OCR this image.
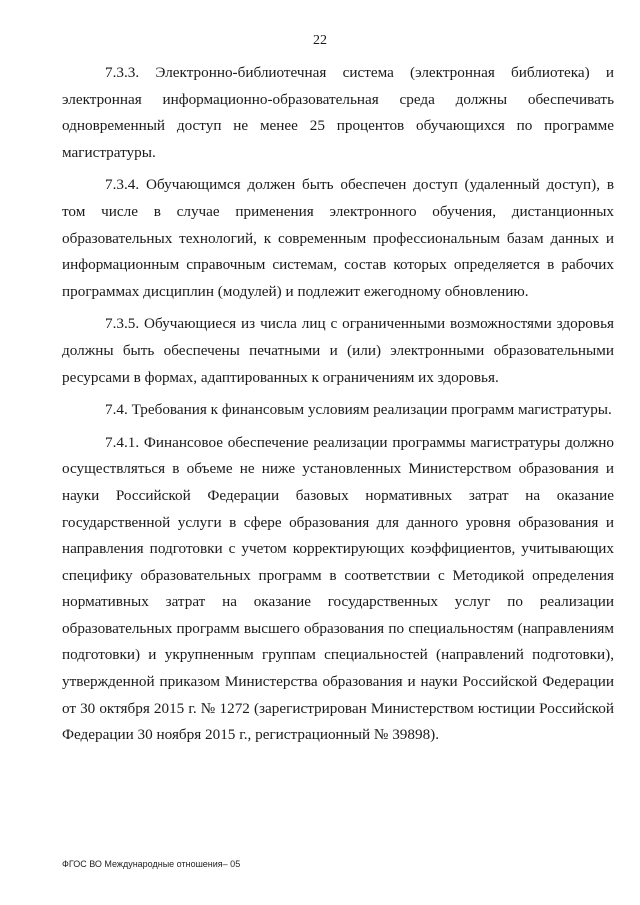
22

7.3.3. Электронно-библиотечная система (электронная библиотека) и электронная информационно-образовательная среда должны обеспечивать одновременный доступ не менее 25 процентов обучающихся по программе магистратуры.

7.3.4. Обучающимся должен быть обеспечен доступ (удаленный доступ), в том числе в случае применения электронного обучения, дистанционных образовательных технологий, к современным профессиональным базам данных и информационным справочным системам, состав которых определяется в рабочих программах дисциплин (модулей) и подлежит ежегодному обновлению.

7.3.5. Обучающиеся из числа лиц с ограниченными возможностями здоровья должны быть обеспечены печатными и (или) электронными образовательными ресурсами в формах, адаптированных к ограничениям их здоровья.

7.4. Требования к финансовым условиям реализации программ магистратуры.

7.4.1. Финансовое обеспечение реализации программы магистратуры должно осуществляться в объеме не ниже установленных Министерством образования и науки Российской Федерации базовых нормативных затрат на оказание государственной услуги в сфере образования для данного уровня образования и направления подготовки с учетом корректирующих коэффициентов, учитывающих специфику образовательных программ в соответствии с Методикой определения нормативных затрат на оказание государственных услуг по реализации образовательных программ высшего образования по специальностям (направлениям подготовки) и укрупненным группам специальностей (направлений подготовки), утвержденной приказом Министерства образования и науки Российской Федерации от 30 октября 2015 г. № 1272 (зарегистрирован Министерством юстиции Российской Федерации 30 ноября 2015 г., регистрационный № 39898).

ФГОС ВО Международные отношения– 05
